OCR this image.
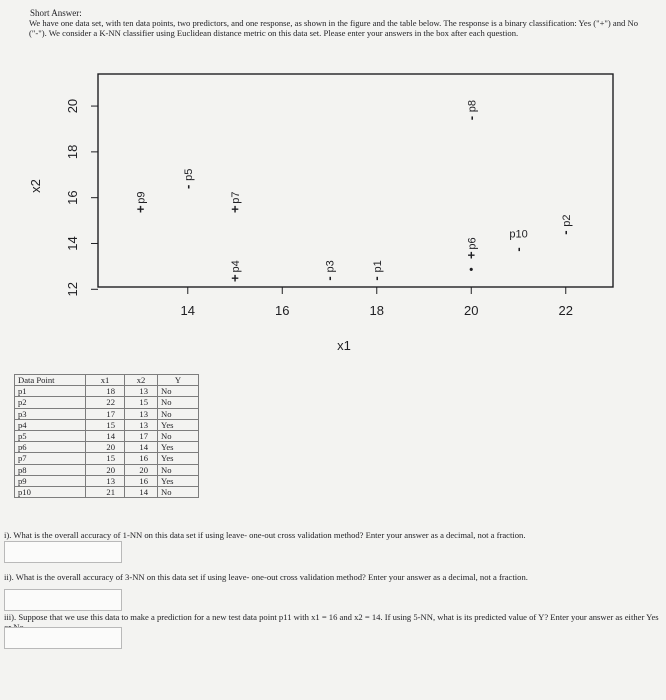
Short Answer:
We have one data set, with ten data points, two predictors, and one response, as shown in the figure and the table below. The response is a binary classification: Yes ("+") and No ("-"). We consider a K-NN classifier using Euclidean distance metric on this data set. Please enter your answers in the box after each question.
14	16	18	20	22
12
14
16
18
20
p1
-
p2
-
p3
-
p4
+
p5
-
p6
+
p7
+
p8
-
p9
+
p10
-
•
x1
x2
Data Point	x1	x2	Y
p1	18	13	No
p2	22	15	No
p3	17	13	No
p4	15	13	Yes
p5	14	17	No
p6	20	14	Yes
p7	15	16	Yes
p8	20	20	No
p9	13	16	Yes
p10	21	14	No
i). What is the overall accuracy of 1-NN on this data set if using leave- one-out cross validation method? Enter your answer as a decimal, not a fraction.
ii). What is the overall accuracy of 3-NN on this data set if using leave- one-out cross validation method? Enter your answer as a decimal, not a fraction.
iii). Suppose that we use this data to make a prediction for a new test data point p11 with x1 = 16 and x2 = 14. If using 5-NN, what is its predicted value of Y? Enter your answer as either Yes
